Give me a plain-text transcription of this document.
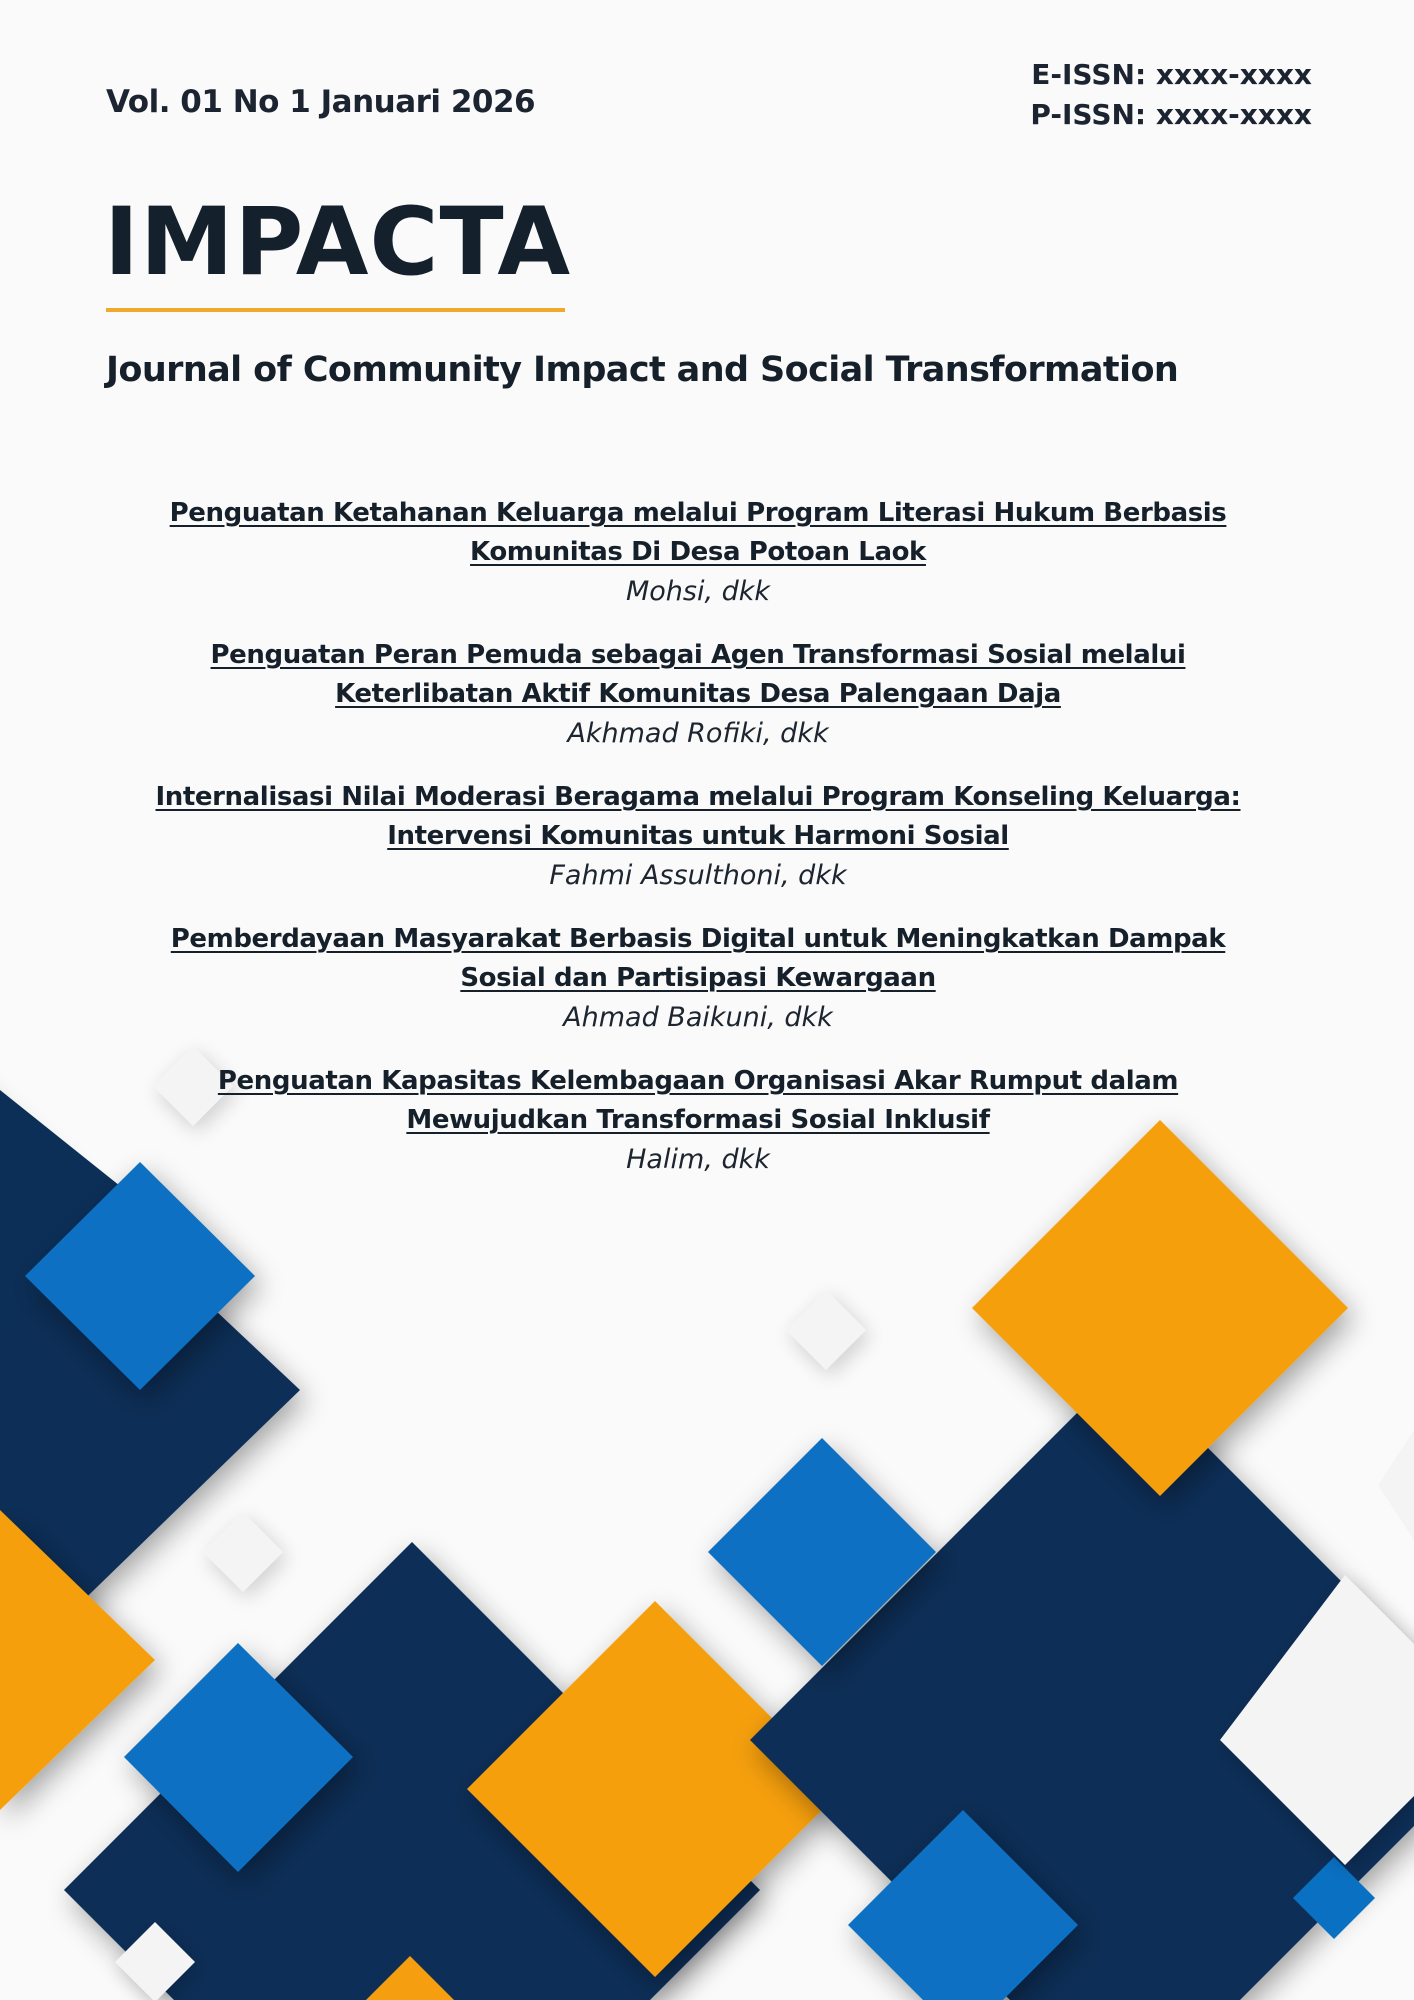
Vol. 01 No 1 Januari 2026
E-ISSN: xxxx-xxxx
P-ISSN: xxxx-xxxx
IMPACTA
Journal of Community Impact and Social Transformation
Penguatan Ketahanan Keluarga melalui Program Literasi Hukum Berbasis
Komunitas Di Desa Potoan Laok
Mohsi, dkk
Penguatan Peran Pemuda sebagai Agen Transformasi Sosial melalui
Keterlibatan Aktif Komunitas Desa Palengaan Daja
Akhmad Rofiki, dkk
Internalisasi Nilai Moderasi Beragama melalui Program Konseling Keluarga:
Intervensi Komunitas untuk Harmoni Sosial
Fahmi Assulthoni, dkk
Pemberdayaan Masyarakat Berbasis Digital untuk Meningkatkan Dampak
Sosial dan Partisipasi Kewargaan
Ahmad Baikuni, dkk
Penguatan Kapasitas Kelembagaan Organisasi Akar Rumput dalam
Mewujudkan Transformasi Sosial Inklusif
Halim, dkk
